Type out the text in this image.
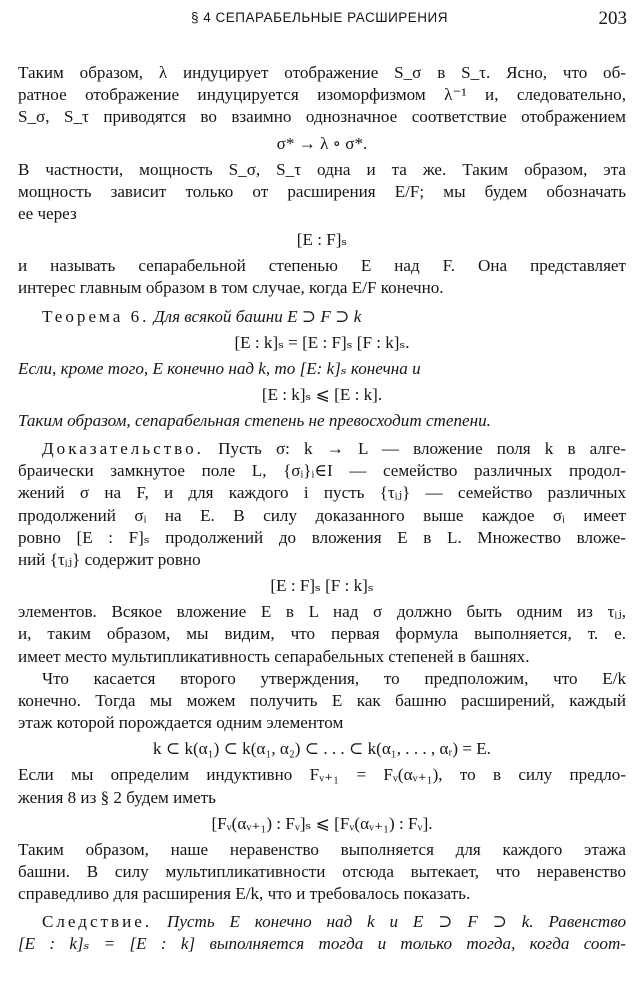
§ 4 СЕПАРАБЕЛЬНЫЕ РАСШИРЕНИЯ	203
Таким образом, λ индуцирует отображение S_σ в S_τ. Ясно, что об-
ратное отображение индуцируется изоморфизмом λ⁻¹ и, следовательно,
S_σ, S_τ приводятся во взаимно однозначное соответствие отображением
σ* → λ ∘ σ*.
В частности, мощность S_σ, S_τ одна и та же. Таким образом, эта
мощность зависит только от расширения E/F; мы будем обозначать
ее через
[E : F]ₛ
и называть сепарабельной степенью E над F. Она представляет
интерес главным образом в том случае, когда E/F конечно.
Теорема 6. Для всякой башни E ⊃ F ⊃ k
[E : k]ₛ = [E : F]ₛ [F : k]ₛ.
Если, кроме того, E конечно над k, то [E: k]ₛ конечна и
[E : k]ₛ ⩽ [E : k].
Таким образом, сепарабельная степень не превосходит степени.
Доказательство. Пусть σ: k → L — вложение поля k в алге-
браически замкнутое поле L, {σᵢ}ᵢ∈I — семейство различных продол-
жений σ на F, и для каждого i пусть {τᵢⱼ} — семейство различных
продолжений σᵢ на E. В силу доказанного выше каждое σᵢ имеет
ровно [E : F]ₛ продолжений до вложения E в L. Множество вложе-
ний {τᵢⱼ} содержит ровно
[E : F]ₛ [F : k]ₛ
элементов. Всякое вложение E в L над σ должно быть одним из τᵢⱼ,
и, таким образом, мы видим, что первая формула выполняется, т. е.
имеет место мультипликативность сепарабельных степеней в башнях.
Что касается второго утверждения, то предположим, что E/k
конечно. Тогда мы можем получить E как башню расширений, каждый
этаж которой порождается одним элементом
k ⊂ k(α₁) ⊂ k(α₁, α₂) ⊂ . . . ⊂ k(α₁, . . . , αᵣ) = E.
Если мы определим индуктивно Fᵥ₊₁ = Fᵥ(αᵥ₊₁), то в силу предло-
жения 8 из § 2 будем иметь
[Fᵥ(αᵥ₊₁) : Fᵥ]ₛ ⩽ [Fᵥ(αᵥ₊₁) : Fᵥ].
Таким образом, наше неравенство выполняется для каждого этажа
башни. В силу мультипликативности отсюда вытекает, что неравенство
справедливо для расширения E/k, что и требовалось показать.
Следствие. Пусть E конечно над k и E ⊃ F ⊃ k. Равенство
[E : k]ₛ = [E : k] выполняется тогда и только тогда, когда соот-
